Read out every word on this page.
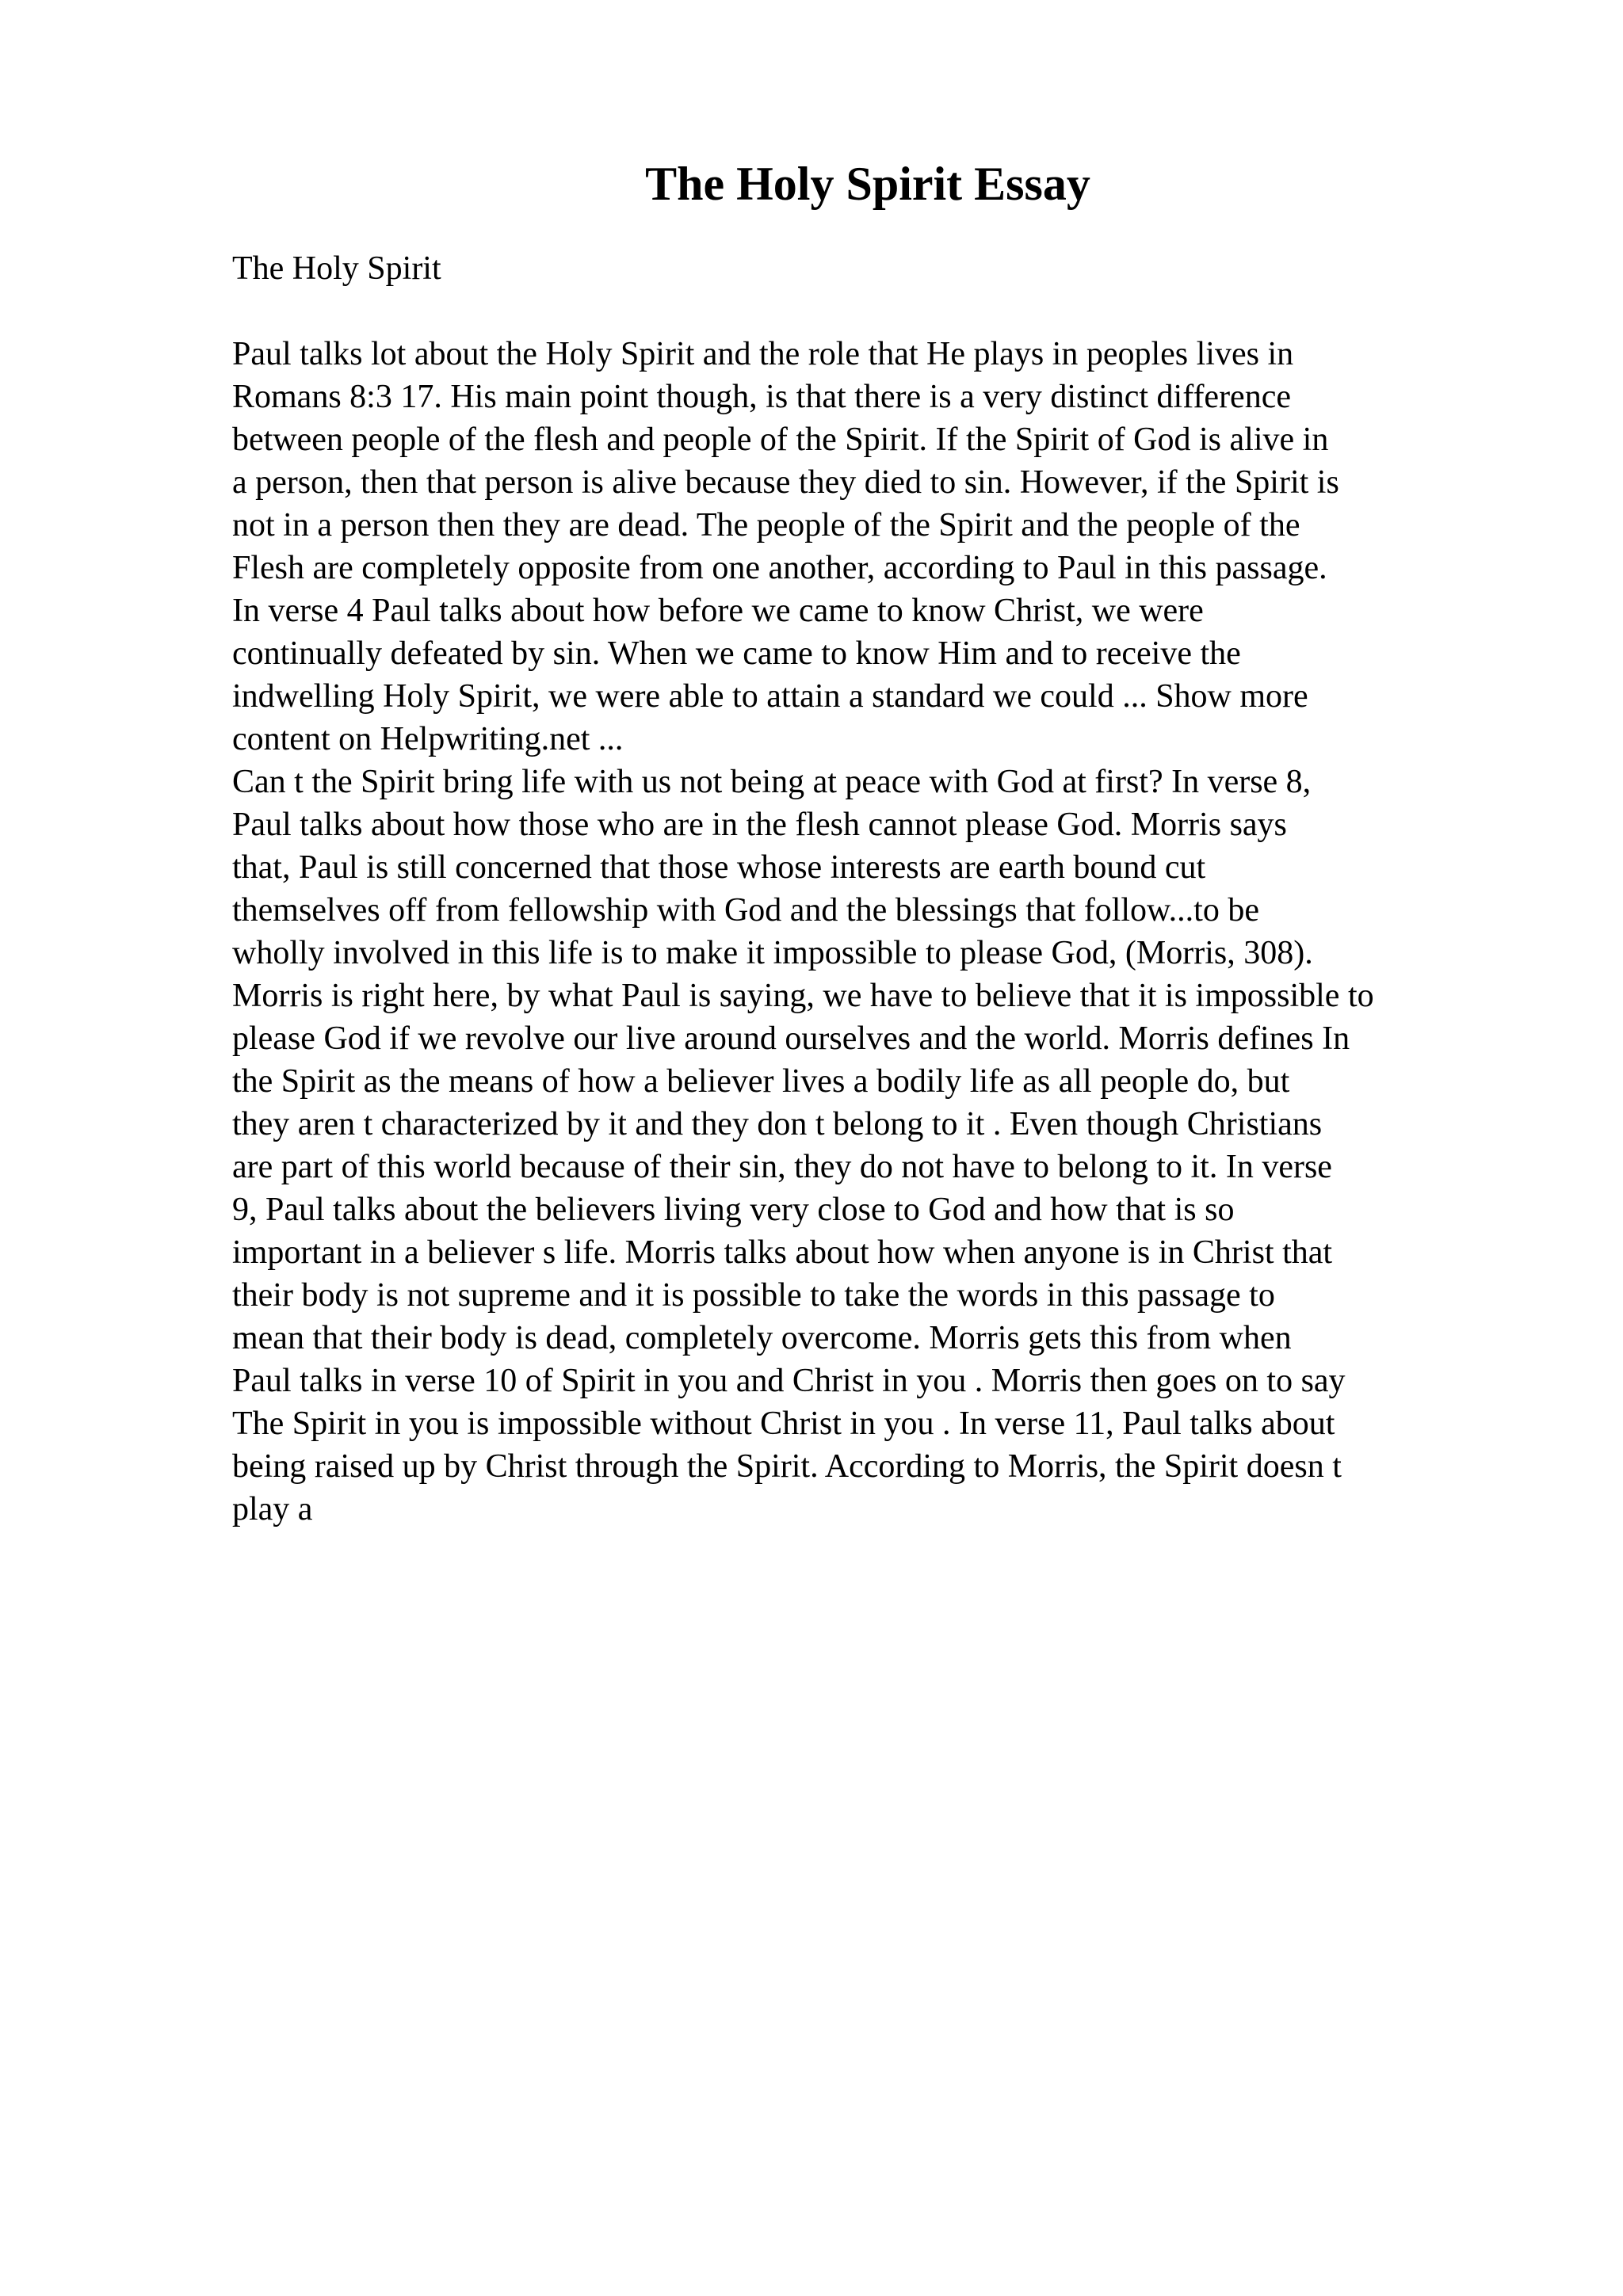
The Holy Spirit Essay

The Holy Spirit

Paul talks lot about the Holy Spirit and the role that He plays in peoples lives in
Romans 8:3 17. His main point though, is that there is a very distinct difference
between people of the flesh and people of the Spirit. If the Spirit of God is alive in
a person, then that person is alive because they died to sin. However, if the Spirit is
not in a person then they are dead. The people of the Spirit and the people of the
Flesh are completely opposite from one another, according to Paul in this passage.
In verse 4 Paul talks about how before we came to know Christ, we were
continually defeated by sin. When we came to know Him and to receive the
indwelling Holy Spirit, we were able to attain a standard we could ... Show more
content on Helpwriting.net ...
Can t the Spirit bring life with us not being at peace with God at first? In verse 8,
Paul talks about how those who are in the flesh cannot please God. Morris says
that, Paul is still concerned that those whose interests are earth bound cut
themselves off from fellowship with God and the blessings that follow...to be
wholly involved in this life is to make it impossible to please God, (Morris, 308).
Morris is right here, by what Paul is saying, we have to believe that it is impossible to
please God if we revolve our live around ourselves and the world. Morris defines In
the Spirit as the means of how a believer lives a bodily life as all people do, but
they aren t characterized by it and they don t belong to it . Even though Christians
are part of this world because of their sin, they do not have to belong to it. In verse
9, Paul talks about the believers living very close to God and how that is so
important in a believer s life. Morris talks about how when anyone is in Christ that
their body is not supreme and it is possible to take the words in this passage to
mean that their body is dead, completely overcome. Morris gets this from when
Paul talks in verse 10 of Spirit in you and Christ in you . Morris then goes on to say
The Spirit in you is impossible without Christ in you . In verse 11, Paul talks about
being raised up by Christ through the Spirit. According to Morris, the Spirit doesn t
play a
